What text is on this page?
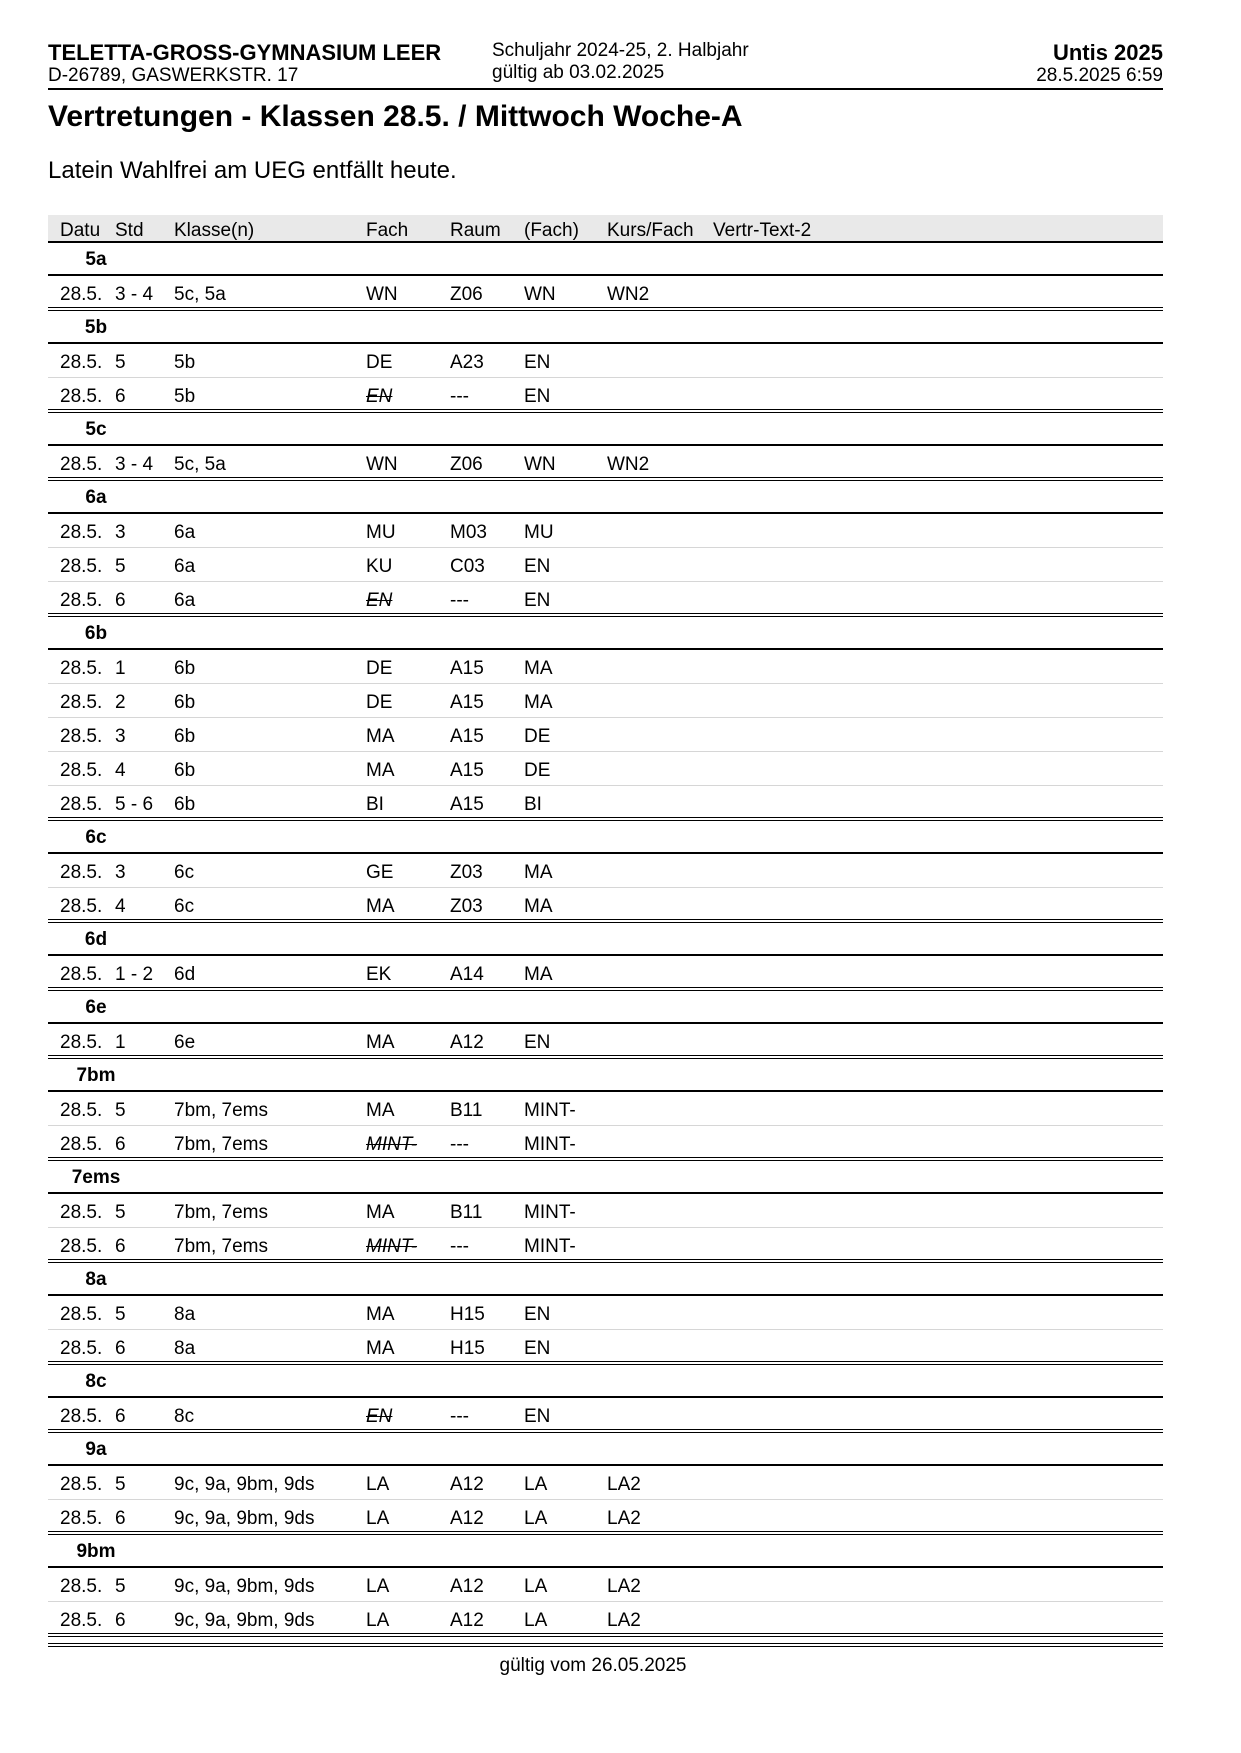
TELETTA-GROSS-GYMNASIUM LEER
D-26789, GASWERKSTR. 17
Schuljahr 2024-25, 2. Halbjahr
gültig ab 03.02.2025
Untis 2025
28.5.2025 6:59
Vertretungen - Klassen 28.5. / Mittwoch Woche-A
Latein Wahlfrei am UEG entfällt heute.
Datu Std Klasse(n)	Fach Raum (Fach) Kurs/Fach Vertr-Text-2
5a
28.5. 3 - 4 5c, 5a	WN	Z06 WN	WN2
5b
28.5. 5	5b	DE	A23 EN
28.5. 6	5b	EN	---	EN
5c
28.5. 3 - 4 5c, 5a	WN	Z06 WN	WN2
6a
28.5. 3	6a	MU	M03 MU
28.5. 5	6a	KU	C03 EN
28.5. 6	6a	EN	---	EN
6b
28.5. 1	6b	DE	A15 MA
28.5. 2	6b	DE	A15 MA
28.5. 3	6b	MA	A15 DE
28.5. 4	6b	MA	A15 DE
28.5. 5 - 6 6b	BI	A15 BI
6c
28.5. 3	6c	GE	Z03 MA
28.5. 4	6c	MA	Z03 MA
6d
28.5. 1 - 2 6d	EK	A14 MA
6e
28.5. 1	6e	MA	A12 EN
7bm
28.5. 5	7bm, 7ems	MA	B11 MINT-
28.5. 6	7bm, 7ems	MINT- ---	MINT-
7ems
28.5. 5	7bm, 7ems	MA	B11 MINT-
28.5. 6	7bm, 7ems	MINT- ---	MINT-
8a
28.5. 5	8a	MA	H15 EN
28.5. 6	8a	MA	H15 EN
8c
28.5. 6	8c	EN	---	EN
9a
28.5. 5	9c, 9a, 9bm, 9ds	LA	A12 LA	LA2
28.5. 6	9c, 9a, 9bm, 9ds	LA	A12 LA	LA2
9bm
28.5. 5	9c, 9a, 9bm, 9ds	LA	A12 LA	LA2
28.5. 6	9c, 9a, 9bm, 9ds	LA	A12 LA	LA2
gültig vom 26.05.2025
